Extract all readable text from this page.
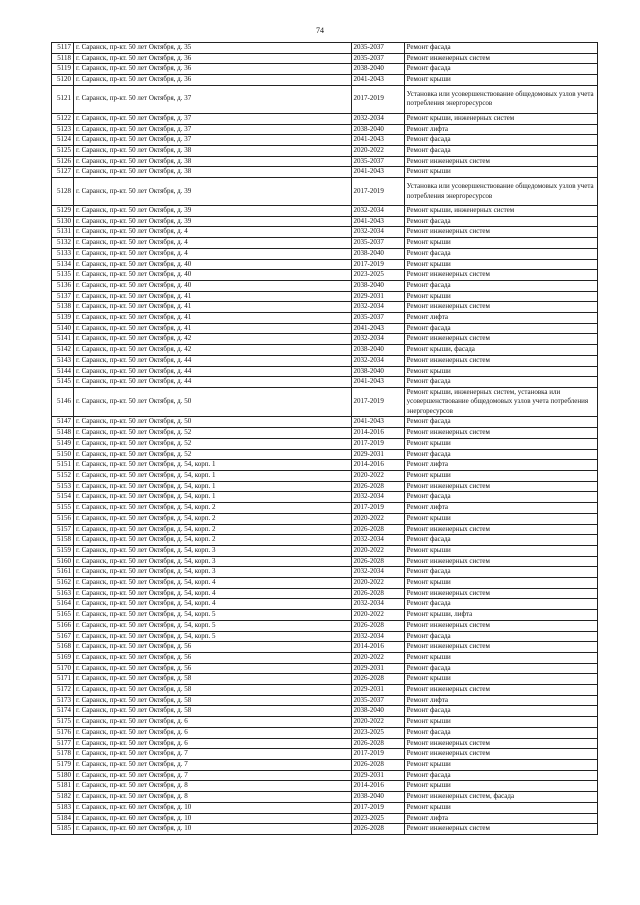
74
5117	г. Саранск, пр-кт. 50 лет Октября, д. 35	2035-2037	Ремонт фасада
5118	г. Саранск, пр-кт. 50 лет Октября, д. 36	2035-2037	Ремонт инженерных систем
5119	г. Саранск, пр-кт. 50 лет Октября, д. 36	2038-2040	Ремонт фасада
5120	г. Саранск, пр-кт. 50 лет Октября, д. 36	2041-2043	Ремонт крыши
5121	г. Саранск, пр-кт. 50 лет Октября, д. 37	2017-2019	Установка или усовершенствование общедомовых узлов учета потребления энергоресурсов
5122	г. Саранск, пр-кт. 50 лет Октября, д. 37	2032-2034	Ремонт крыши, инженерных систем
5123	г. Саранск, пр-кт. 50 лет Октября, д. 37	2038-2040	Ремонт лифта
5124	г. Саранск, пр-кт. 50 лет Октября, д. 37	2041-2043	Ремонт фасада
5125	г. Саранск, пр-кт. 50 лет Октября, д. 38	2020-2022	Ремонт фасада
5126	г. Саранск, пр-кт. 50 лет Октября, д. 38	2035-2037	Ремонт инженерных систем
5127	г. Саранск, пр-кт. 50 лет Октября, д. 38	2041-2043	Ремонт крыши
5128	г. Саранск, пр-кт. 50 лет Октября, д. 39	2017-2019	Установка или усовершенствование общедомовых узлов учета потребления энергоресурсов
5129	г. Саранск, пр-кт. 50 лет Октября, д. 39	2032-2034	Ремонт крыши, инженерных систем
5130	г. Саранск, пр-кт. 50 лет Октября, д. 39	2041-2043	Ремонт фасада
5131	г. Саранск, пр-кт. 50 лет Октября, д. 4	2032-2034	Ремонт инженерных систем
5132	г. Саранск, пр-кт. 50 лет Октября, д. 4	2035-2037	Ремонт крыши
5133	г. Саранск, пр-кт. 50 лет Октября, д. 4	2038-2040	Ремонт фасада
5134	г. Саранск, пр-кт. 50 лет Октября, д. 40	2017-2019	Ремонт крыши
5135	г. Саранск, пр-кт. 50 лет Октября, д. 40	2023-2025	Ремонт инженерных систем
5136	г. Саранск, пр-кт. 50 лет Октября, д. 40	2038-2040	Ремонт фасада
5137	г. Саранск, пр-кт. 50 лет Октября, д. 41	2029-2031	Ремонт крыши
5138	г. Саранск, пр-кт. 50 лет Октября, д. 41	2032-2034	Ремонт инженерных систем
5139	г. Саранск, пр-кт. 50 лет Октября, д. 41	2035-2037	Ремонт лифта
5140	г. Саранск, пр-кт. 50 лет Октября, д. 41	2041-2043	Ремонт фасада
5141	г. Саранск, пр-кт. 50 лет Октября, д. 42	2032-2034	Ремонт инженерных систем
5142	г. Саранск, пр-кт. 50 лет Октября, д. 42	2038-2040	Ремонт крыши, фасада
5143	г. Саранск, пр-кт. 50 лет Октября, д. 44	2032-2034	Ремонт инженерных систем
5144	г. Саранск, пр-кт. 50 лет Октября, д. 44	2038-2040	Ремонт крыши
5145	г. Саранск, пр-кт. 50 лет Октября, д. 44	2041-2043	Ремонт фасада
5146	г. Саранск, пр-кт. 50 лет Октября, д. 50	2017-2019	Ремонт крыши, инженерных систем, установка или усовершенствование общедомовых узлов учета потребления энергоресурсов
5147	г. Саранск, пр-кт. 50 лет Октября, д. 50	2041-2043	Ремонт фасада
5148	г. Саранск, пр-кт. 50 лет Октября, д. 52	2014-2016	Ремонт инженерных систем
5149	г. Саранск, пр-кт. 50 лет Октября, д. 52	2017-2019	Ремонт крыши
5150	г. Саранск, пр-кт. 50 лет Октября, д. 52	2029-2031	Ремонт фасада
5151	г. Саранск, пр-кт. 50 лет Октября, д. 54, корп. 1	2014-2016	Ремонт лифта
5152	г. Саранск, пр-кт. 50 лет Октября, д. 54, корп. 1	2020-2022	Ремонт крыши
5153	г. Саранск, пр-кт. 50 лет Октября, д. 54, корп. 1	2026-2028	Ремонт инженерных систем
5154	г. Саранск, пр-кт. 50 лет Октября, д. 54, корп. 1	2032-2034	Ремонт фасада
5155	г. Саранск, пр-кт. 50 лет Октября, д. 54, корп. 2	2017-2019	Ремонт лифта
5156	г. Саранск, пр-кт. 50 лет Октября, д. 54, корп. 2	2020-2022	Ремонт крыши
5157	г. Саранск, пр-кт. 50 лет Октября, д. 54, корп. 2	2026-2028	Ремонт инженерных систем
5158	г. Саранск, пр-кт. 50 лет Октября, д. 54, корп. 2	2032-2034	Ремонт фасада
5159	г. Саранск, пр-кт. 50 лет Октября, д. 54, корп. 3	2020-2022	Ремонт крыши
5160	г. Саранск, пр-кт. 50 лет Октября, д. 54, корп. 3	2026-2028	Ремонт инженерных систем
5161	г. Саранск, пр-кт. 50 лет Октября, д. 54, корп. 3	2032-2034	Ремонт фасада
5162	г. Саранск, пр-кт. 50 лет Октября, д. 54, корп. 4	2020-2022	Ремонт крыши
5163	г. Саранск, пр-кт. 50 лет Октября, д. 54, корп. 4	2026-2028	Ремонт инженерных систем
5164	г. Саранск, пр-кт. 50 лет Октября, д. 54, корп. 4	2032-2034	Ремонт фасада
5165	г. Саранск, пр-кт. 50 лет Октября, д. 54, корп. 5	2020-2022	Ремонт крыши, лифта
5166	г. Саранск, пр-кт. 50 лет Октября, д. 54, корп. 5	2026-2028	Ремонт инженерных систем
5167	г. Саранск, пр-кт. 50 лет Октября, д. 54, корп. 5	2032-2034	Ремонт фасада
5168	г. Саранск, пр-кт. 50 лет Октября, д. 56	2014-2016	Ремонт инженерных систем
5169	г. Саранск, пр-кт. 50 лет Октября, д. 56	2020-2022	Ремонт крыши
5170	г. Саранск, пр-кт. 50 лет Октября, д. 56	2029-2031	Ремонт фасада
5171	г. Саранск, пр-кт. 50 лет Октября, д. 58	2026-2028	Ремонт крыши
5172	г. Саранск, пр-кт. 50 лет Октября, д. 58	2029-2031	Ремонт инженерных систем
5173	г. Саранск, пр-кт. 50 лет Октября, д. 58	2035-2037	Ремонт лифта
5174	г. Саранск, пр-кт. 50 лет Октября, д. 58	2038-2040	Ремонт фасада
5175	г. Саранск, пр-кт. 50 лет Октября, д. 6	2020-2022	Ремонт крыши
5176	г. Саранск, пр-кт. 50 лет Октября, д. 6	2023-2025	Ремонт фасада
5177	г. Саранск, пр-кт. 50 лет Октября, д. 6	2026-2028	Ремонт инженерных систем
5178	г. Саранск, пр-кт. 50 лет Октября, д. 7	2017-2019	Ремонт инженерных систем
5179	г. Саранск, пр-кт. 50 лет Октября, д. 7	2026-2028	Ремонт крыши
5180	г. Саранск, пр-кт. 50 лет Октября, д. 7	2029-2031	Ремонт фасада
5181	г. Саранск, пр-кт. 50 лет Октября, д. 8	2014-2016	Ремонт крыши
5182	г. Саранск, пр-кт. 50 лет Октября, д. 8	2038-2040	Ремонт инженерных систем, фасада
5183	г. Саранск, пр-кт. 60 лет Октября, д. 10	2017-2019	Ремонт крыши
5184	г. Саранск, пр-кт. 60 лет Октября, д. 10	2023-2025	Ремонт лифта
5185	г. Саранск, пр-кт. 60 лет Октября, д. 10	2026-2028	Ремонт инженерных систем
